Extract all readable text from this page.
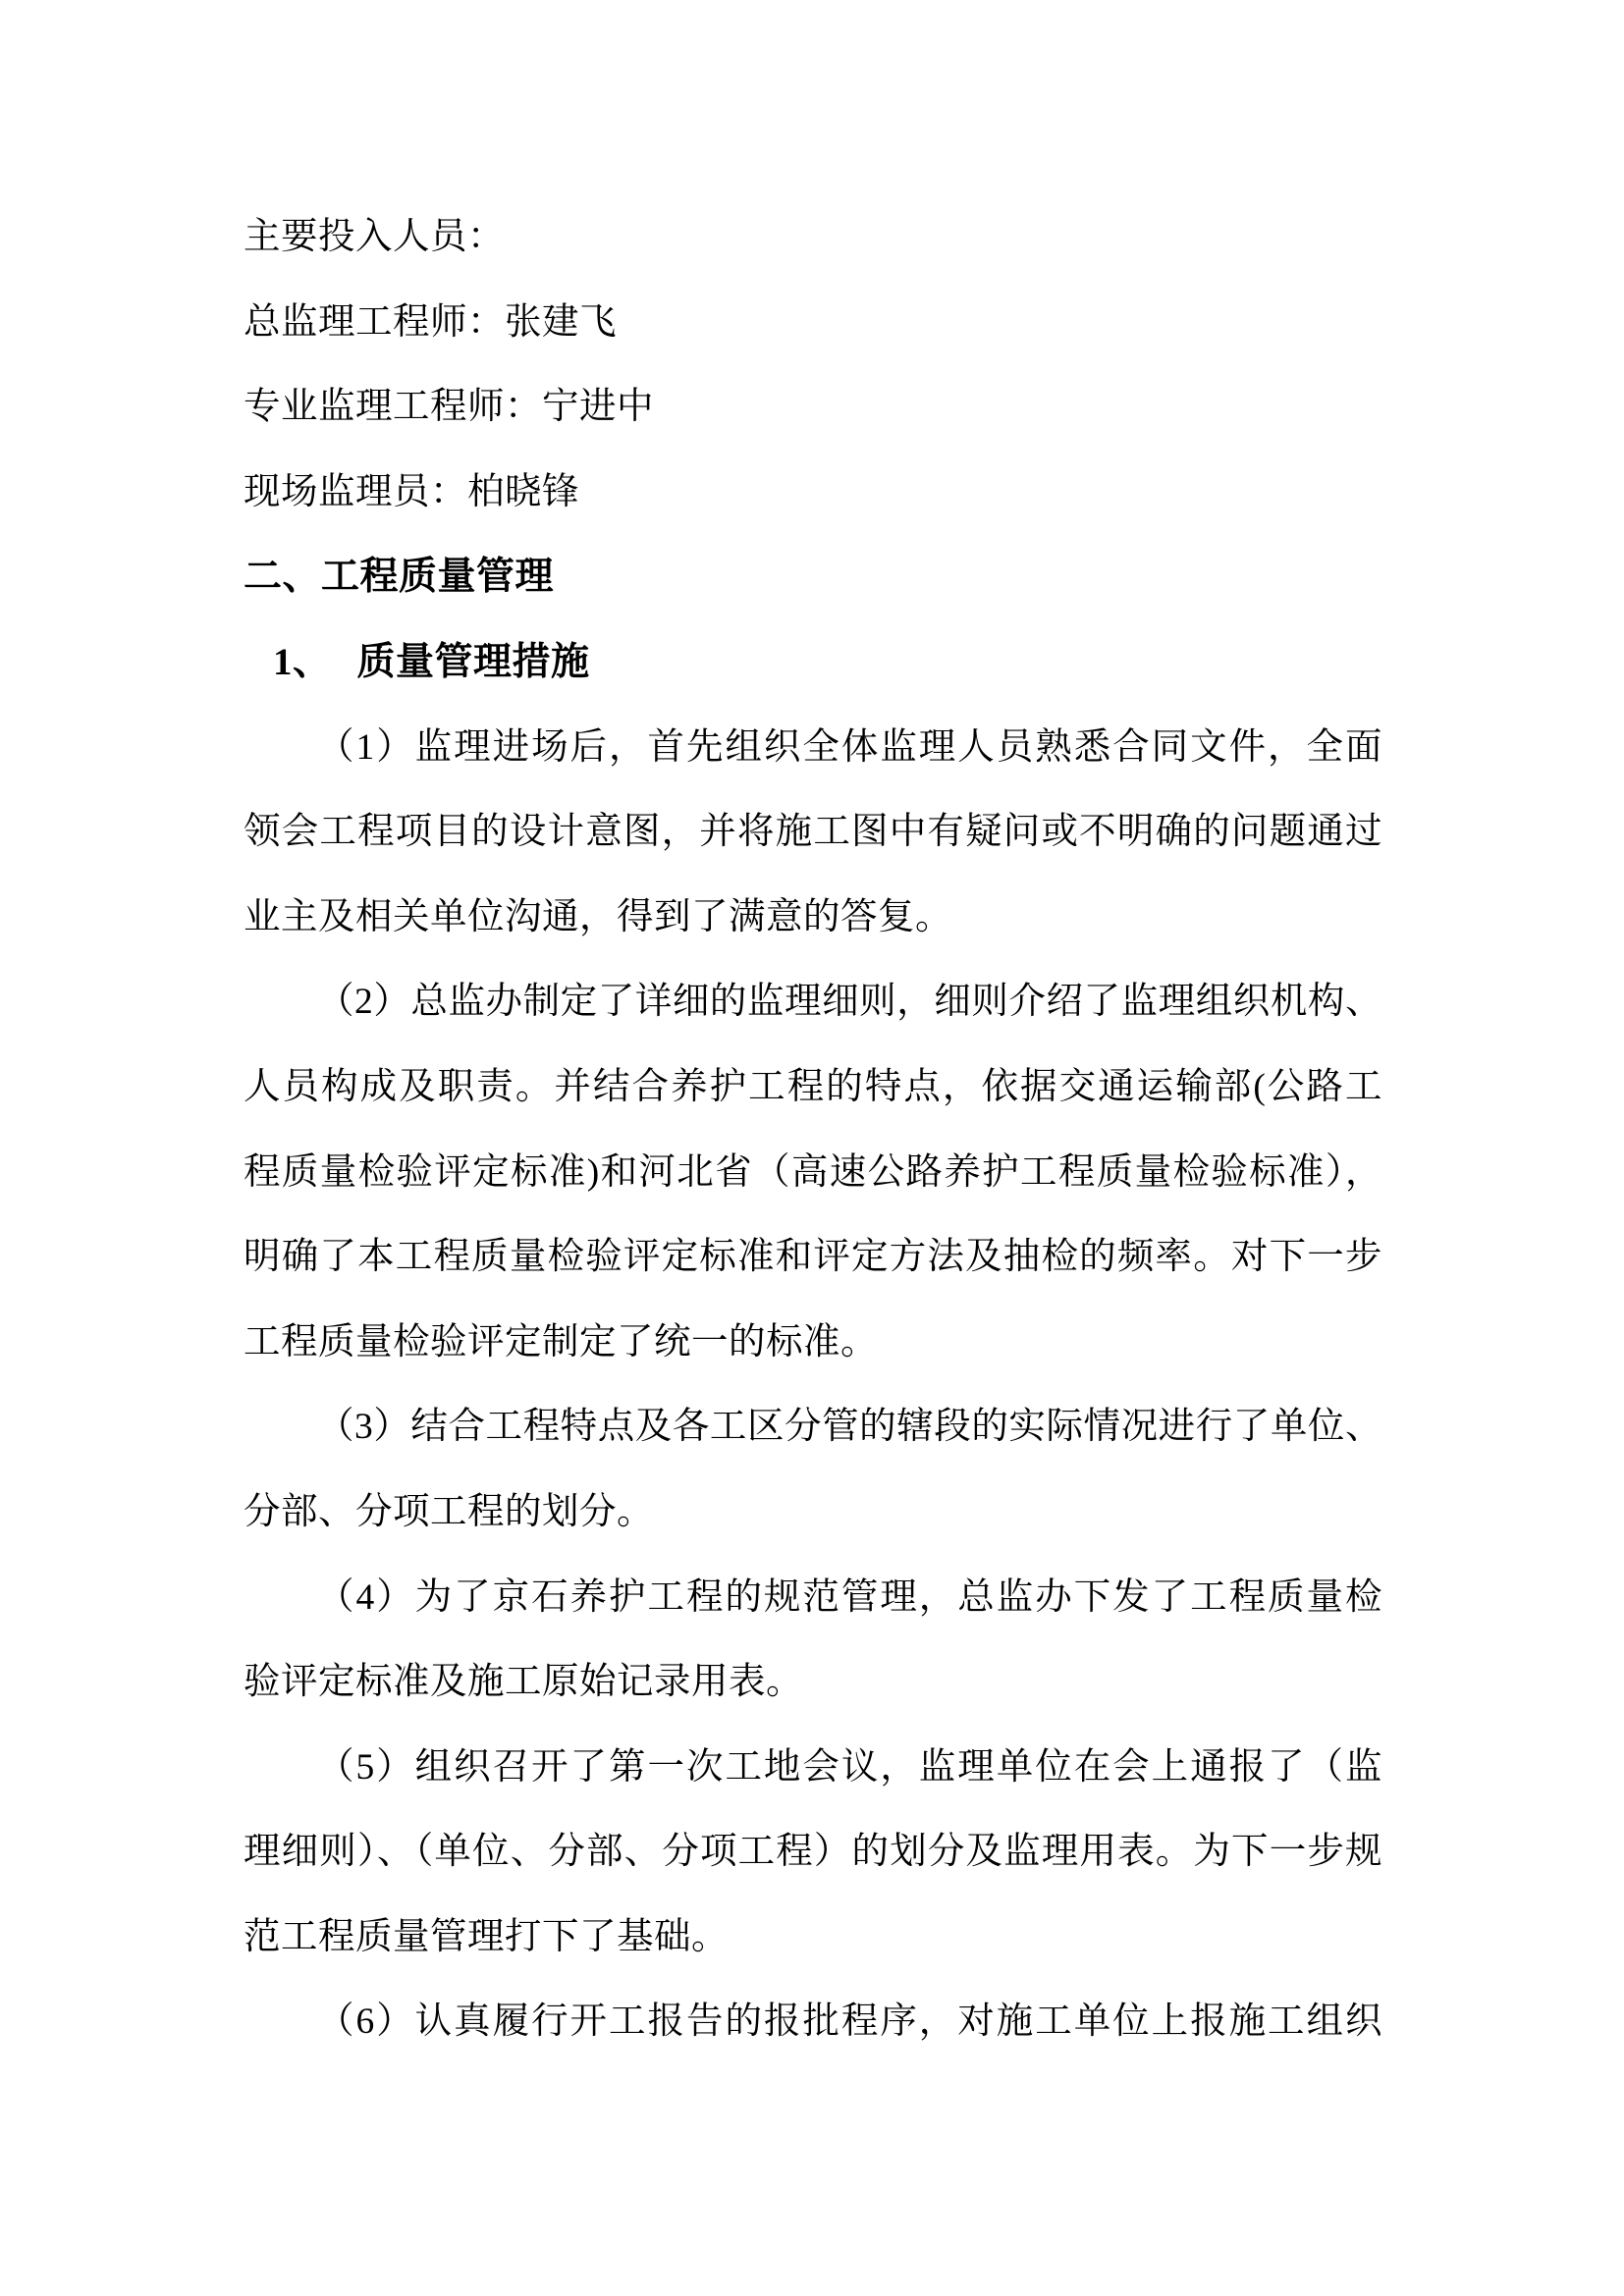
主要投入人员：
总监理工程师：张建飞
专业监理工程师：宁进中
现场监理员：柏晓锋
二、工程质量管理
1、 质量管理措施
（1）监理进场后，首先组织全体监理人员熟悉合同文件，全面
领会工程项目的设计意图，并将施工图中有疑问或不明确的问题通过
业主及相关单位沟通，得到了满意的答复。
（2）总监办制定了详细的监理细则，细则介绍了监理组织机构、
人员构成及职责。并结合养护工程的特点，依据交通运输部(公路工
程质量检验评定标准)和河北省（高速公路养护工程质量检验标准），
明确了本工程质量检验评定标准和评定方法及抽检的频率。对下一步
工程质量检验评定制定了统一的标准。
（3）结合工程特点及各工区分管的辖段的实际情况进行了单位、
分部、分项工程的划分。
（4）为了京石养护工程的规范管理，总监办下发了工程质量检
验评定标准及施工原始记录用表。
（5）组织召开了第一次工地会议，监理单位在会上通报了（监
理细则）、（单位、分部、分项工程）的划分及监理用表。为下一步规
范工程质量管理打下了基础。
（6）认真履行开工报告的报批程序，对施工单位上报施工组织
